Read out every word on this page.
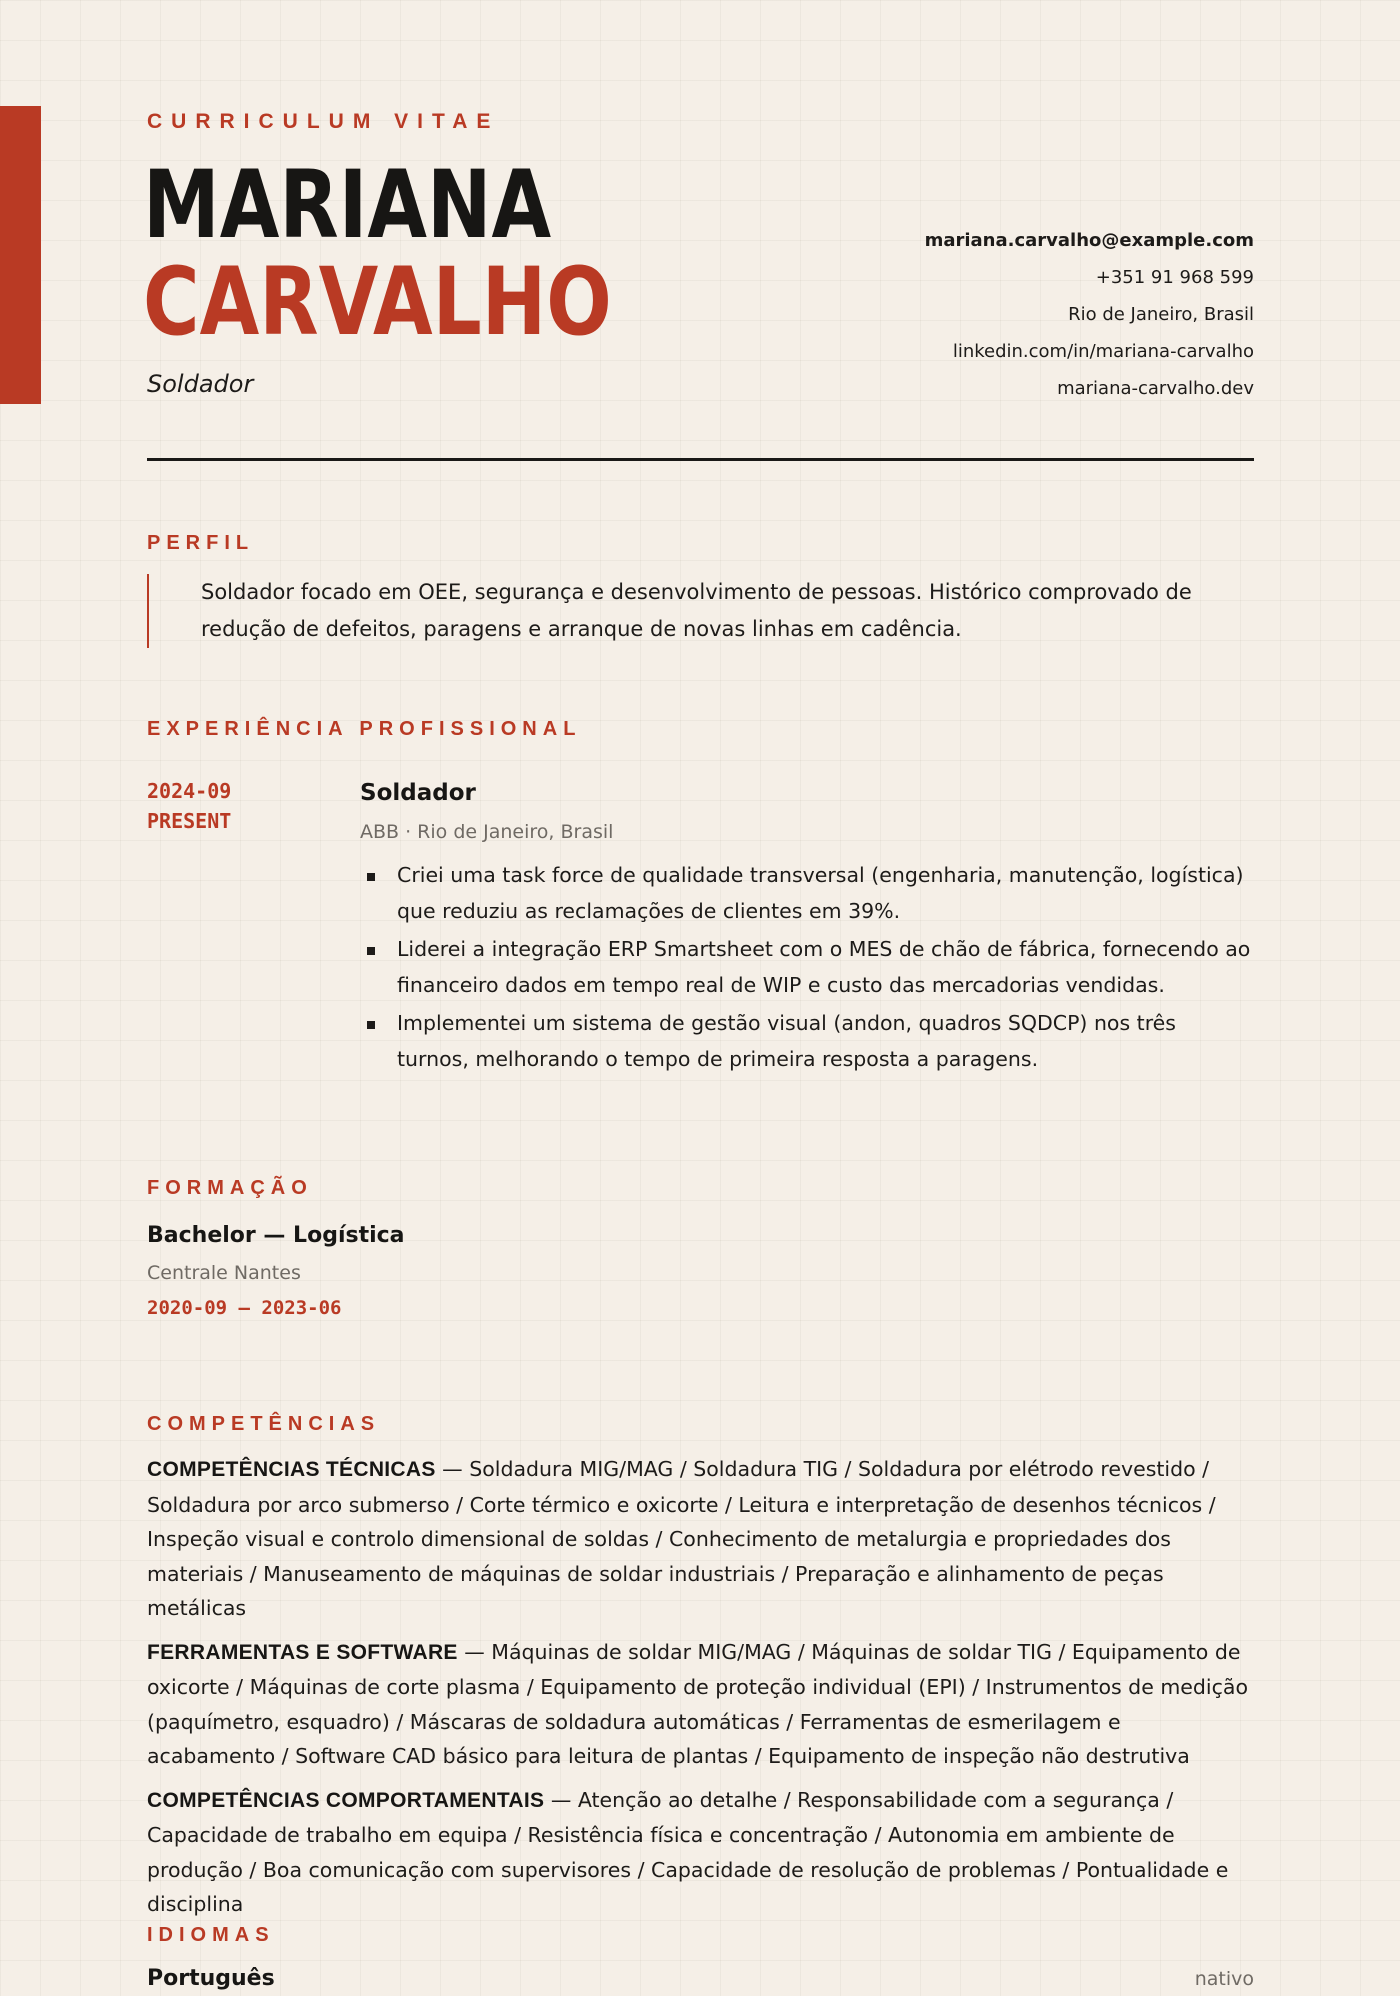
CURRICULUM VITAE
MARIANA
CARVALHO
Soldador
mariana.carvalho@example.com
+351 91 968 599
Rio de Janeiro, Brasil
linkedin.com/in/mariana-carvalho
mariana-carvalho.dev
PERFIL
Soldador focado em OEE, segurança e desenvolvimento de pessoas. Histórico comprovado de redução de defeitos, paragens e arranque de novas linhas em cadência.
EXPERIÊNCIA PROFISSIONAL
2024-09
PRESENT
Soldador
ABB · Rio de Janeiro, Brasil
Criei uma task force de qualidade transversal (engenharia, manutenção, logística) que reduziu as reclamações de clientes em 39%.
Liderei a integração ERP Smartsheet com o MES de chão de fábrica, fornecendo ao financeiro dados em tempo real de WIP e custo das mercadorias vendidas.
Implementei um sistema de gestão visual (andon, quadros SQDCP) nos três turnos, melhorando o tempo de primeira resposta a paragens.
FORMAÇÃO
Bachelor — Logística
Centrale Nantes
2020-09 – 2023-06
COMPETÊNCIAS
COMPETÊNCIAS TÉCNICAS — Soldadura MIG/MAG / Soldadura TIG / Soldadura por elétrodo revestido / Soldadura por arco submerso / Corte térmico e oxicorte / Leitura e interpretação de desenhos técnicos / Inspeção visual e controlo dimensional de soldas / Conhecimento de metalurgia e propriedades dos materiais / Manuseamento de máquinas de soldar industriais / Preparação e alinhamento de peças metálicas
FERRAMENTAS E SOFTWARE — Máquinas de soldar MIG/MAG / Máquinas de soldar TIG / Equipamento de oxicorte / Máquinas de corte plasma / Equipamento de proteção individual (EPI) / Instrumentos de medição (paquímetro, esquadro) / Máscaras de soldadura automáticas / Ferramentas de esmerilagem e acabamento / Software CAD básico para leitura de plantas / Equipamento de inspeção não destrutiva
COMPETÊNCIAS COMPORTAMENTAIS — Atenção ao detalhe / Responsabilidade com a segurança / Capacidade de trabalho em equipa / Resistência física e concentração / Autonomia em ambiente de produção / Boa comunicação com supervisores / Capacidade de resolução de problemas / Pontualidade e disciplina
IDIOMAS
Português	nativo
